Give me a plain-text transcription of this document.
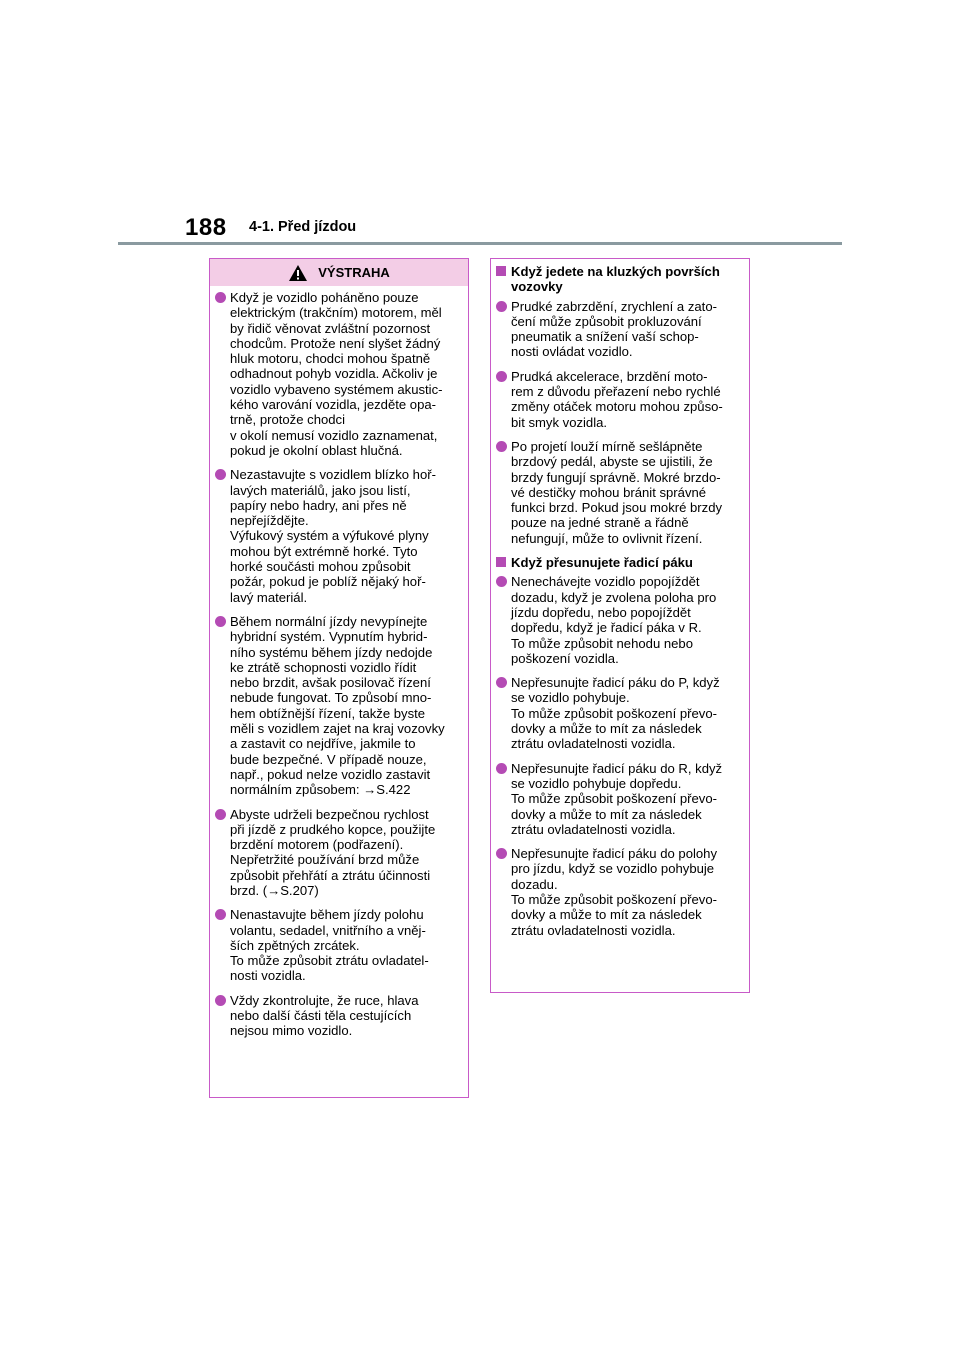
188 4-1. Před jízdou
VÝSTRAHA
Když je vozidlo poháněno pouze
elektrickým (trakčním) motorem, měl
by řidič věnovat zvláštní pozornost
chodcům. Protože není slyšet žádný
hluk motoru, chodci mohou špatně
odhadnout pohyb vozidla. Ačkoliv je
vozidlo vybaveno systémem akustic-
kého varování vozidla, jezděte opa-
trně, protože chodci
v okolí nemusí vozidlo zaznamenat,
pokud je okolní oblast hlučná.
Nezastavujte s vozidlem blízko hoř-
lavých materiálů, jako jsou listí,
papíry nebo hadry, ani přes ně
nepřejíždějte.
Výfukový systém a výfukové plyny
mohou být extrémně horké. Tyto
horké součásti mohou způsobit
požár, pokud je poblíž nějaký hoř-
lavý materiál.
Během normální jízdy nevypínejte
hybridní systém. Vypnutím hybrid-
ního systému během jízdy nedojde
ke ztrátě schopnosti vozidlo řídit
nebo brzdit, avšak posilovač řízení
nebude fungovat. To způsobí mno-
hem obtížnější řízení, takže byste
měli s vozidlem zajet na kraj vozovky
a zastavit co nejdříve, jakmile to
bude bezpečné. V případě nouze,
např., pokud nelze vozidlo zastavit
normálním způsobem: →S.422
Abyste udrželi bezpečnou rychlost
při jízdě z prudkého kopce, použijte
brzdění motorem (podřazení).
Nepřetržité používání brzd může
způsobit přehřátí a ztrátu účinnosti
brzd. (→S.207)
Nenastavujte během jízdy polohu
volantu, sedadel, vnitřního a vněj-
ších zpětných zrcátek.
To může způsobit ztrátu ovladatel-
nosti vozidla.
Vždy zkontrolujte, že ruce, hlava
nebo další části těla cestujících
nejsou mimo vozidlo.
Když jedete na kluzkých površích
vozovky
Prudké zabrzdění, zrychlení a zato-
čení může způsobit prokluzování
pneumatik a snížení vaší schop-
nosti ovládat vozidlo.
Prudká akcelerace, brzdění moto-
rem z důvodu přeřazení nebo rychlé
změny otáček motoru mohou způso-
bit smyk vozidla.
Po projetí louží mírně sešlápněte
brzdový pedál, abyste se ujistili, že
brzdy fungují správně. Mokré brzdo-
vé destičky mohou bránit správné
funkci brzd. Pokud jsou mokré brzdy
pouze na jedné straně a řádně
nefungují, může to ovlivnit řízení.
Když přesunujete řadicí páku
Nenechávejte vozidlo popojíždět
dozadu, když je zvolena poloha pro
jízdu dopředu, nebo popojíždět
dopředu, když je řadicí páka v R.
To může způsobit nehodu nebo
poškození vozidla.
Nepřesunujte řadicí páku do P, když
se vozidlo pohybuje.
To může způsobit poškození převo-
dovky a může to mít za následek
ztrátu ovladatelnosti vozidla.
Nepřesunujte řadicí páku do R, když
se vozidlo pohybuje dopředu.
To může způsobit poškození převo-
dovky a může to mít za následek
ztrátu ovladatelnosti vozidla.
Nepřesunujte řadicí páku do polohy
pro jízdu, když se vozidlo pohybuje
dozadu.
To může způsobit poškození převo-
dovky a může to mít za následek
ztrátu ovladatelnosti vozidla.
